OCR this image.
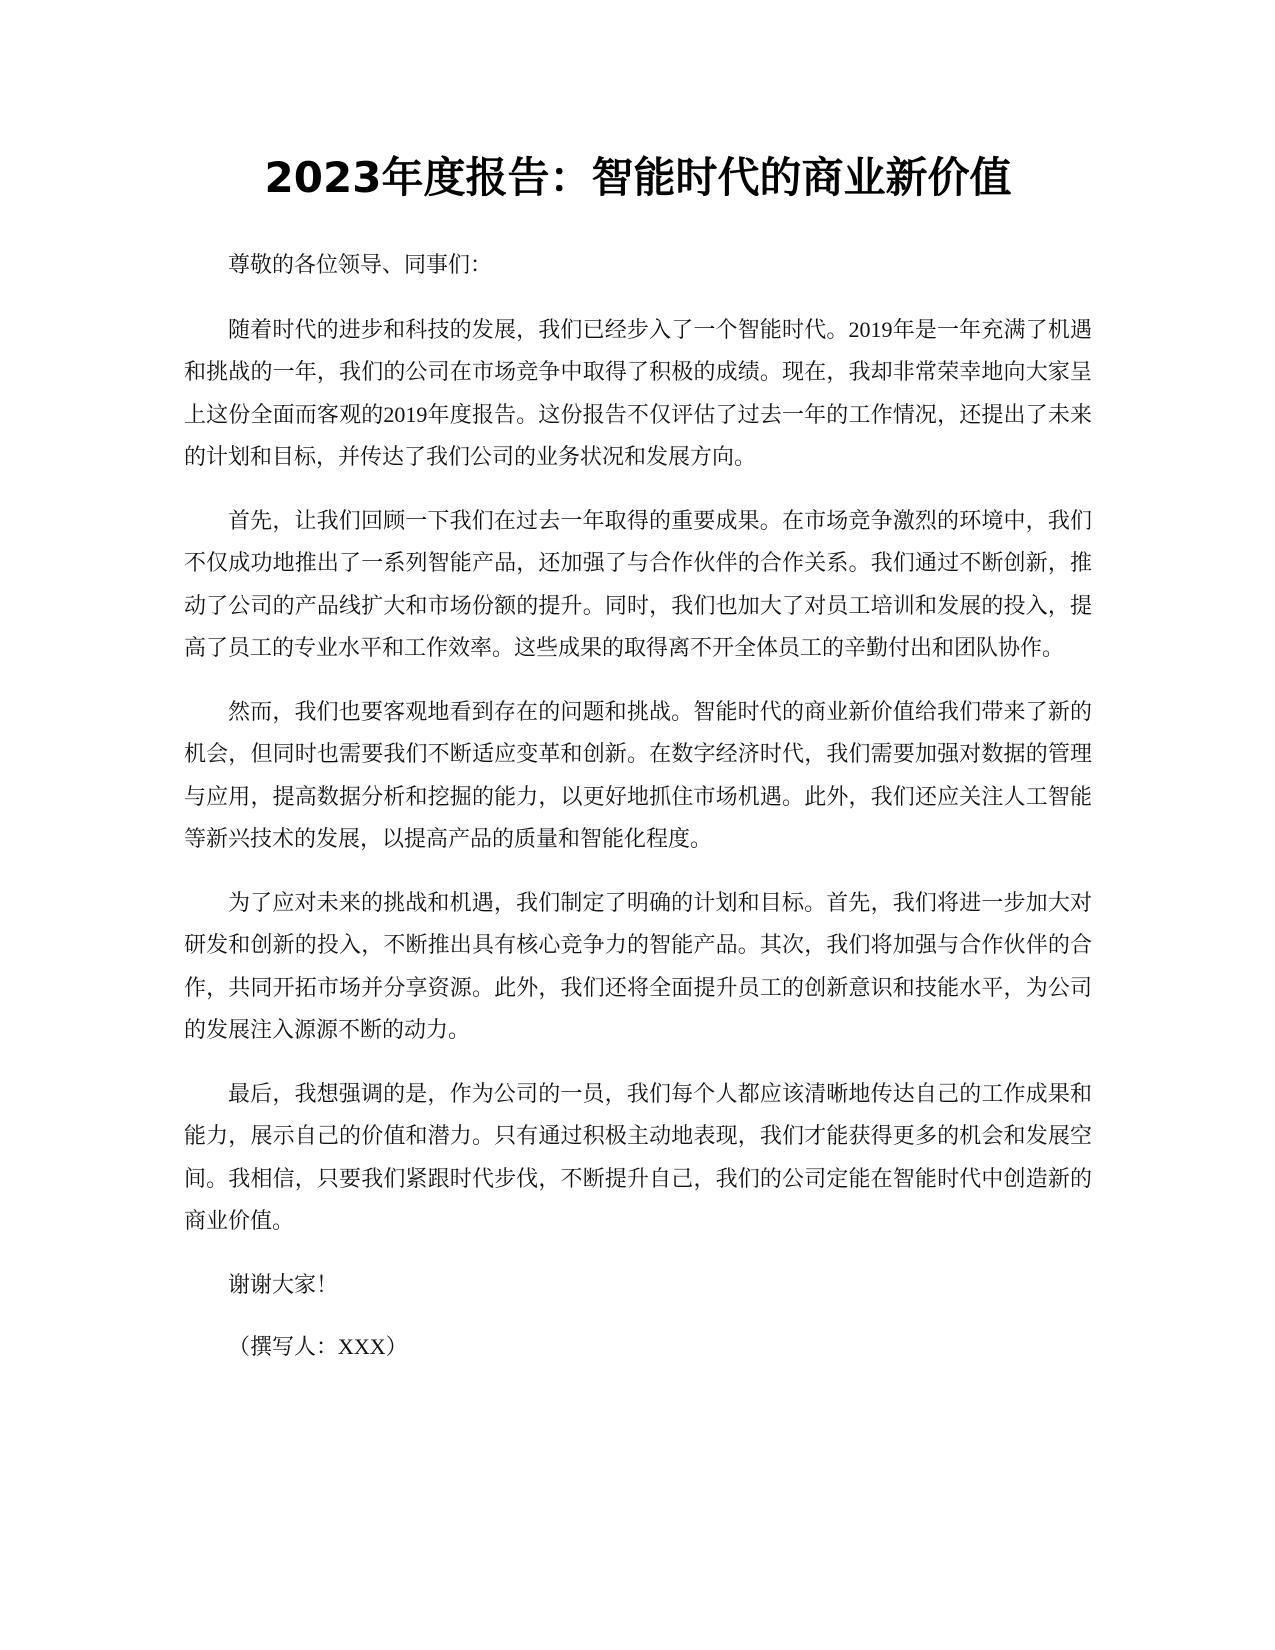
2023年度报告：智能时代的商业新价值

尊敬的各位领导、同事们：

随着时代的进步和科技的发展，我们已经步入了一个智能时代。2019年是一年充满了机遇和挑战的一年，我们的公司在市场竞争中取得了积极的成绩。现在，我却非常荣幸地向大家呈上这份全面而客观的2019年度报告。这份报告不仅评估了过去一年的工作情况，还提出了未来的计划和目标，并传达了我们公司的业务状况和发展方向。

首先，让我们回顾一下我们在过去一年取得的重要成果。在市场竞争激烈的环境中，我们不仅成功地推出了一系列智能产品，还加强了与合作伙伴的合作关系。我们通过不断创新，推动了公司的产品线扩大和市场份额的提升。同时，我们也加大了对员工培训和发展的投入，提高了员工的专业水平和工作效率。这些成果的取得离不开全体员工的辛勤付出和团队协作。

然而，我们也要客观地看到存在的问题和挑战。智能时代的商业新价值给我们带来了新的机会，但同时也需要我们不断适应变革和创新。在数字经济时代，我们需要加强对数据的管理与应用，提高数据分析和挖掘的能力，以更好地抓住市场机遇。此外，我们还应关注人工智能等新兴技术的发展，以提高产品的质量和智能化程度。

为了应对未来的挑战和机遇，我们制定了明确的计划和目标。首先，我们将进一步加大对研发和创新的投入，不断推出具有核心竞争力的智能产品。其次，我们将加强与合作伙伴的合作，共同开拓市场并分享资源。此外，我们还将全面提升员工的创新意识和技能水平，为公司的发展注入源源不断的动力。

最后，我想强调的是，作为公司的一员，我们每个人都应该清晰地传达自己的工作成果和能力，展示自己的价值和潜力。只有通过积极主动地表现，我们才能获得更多的机会和发展空间。我相信，只要我们紧跟时代步伐，不断提升自己，我们的公司定能在智能时代中创造新的商业价值。

谢谢大家！

（撰写人：XXX）
